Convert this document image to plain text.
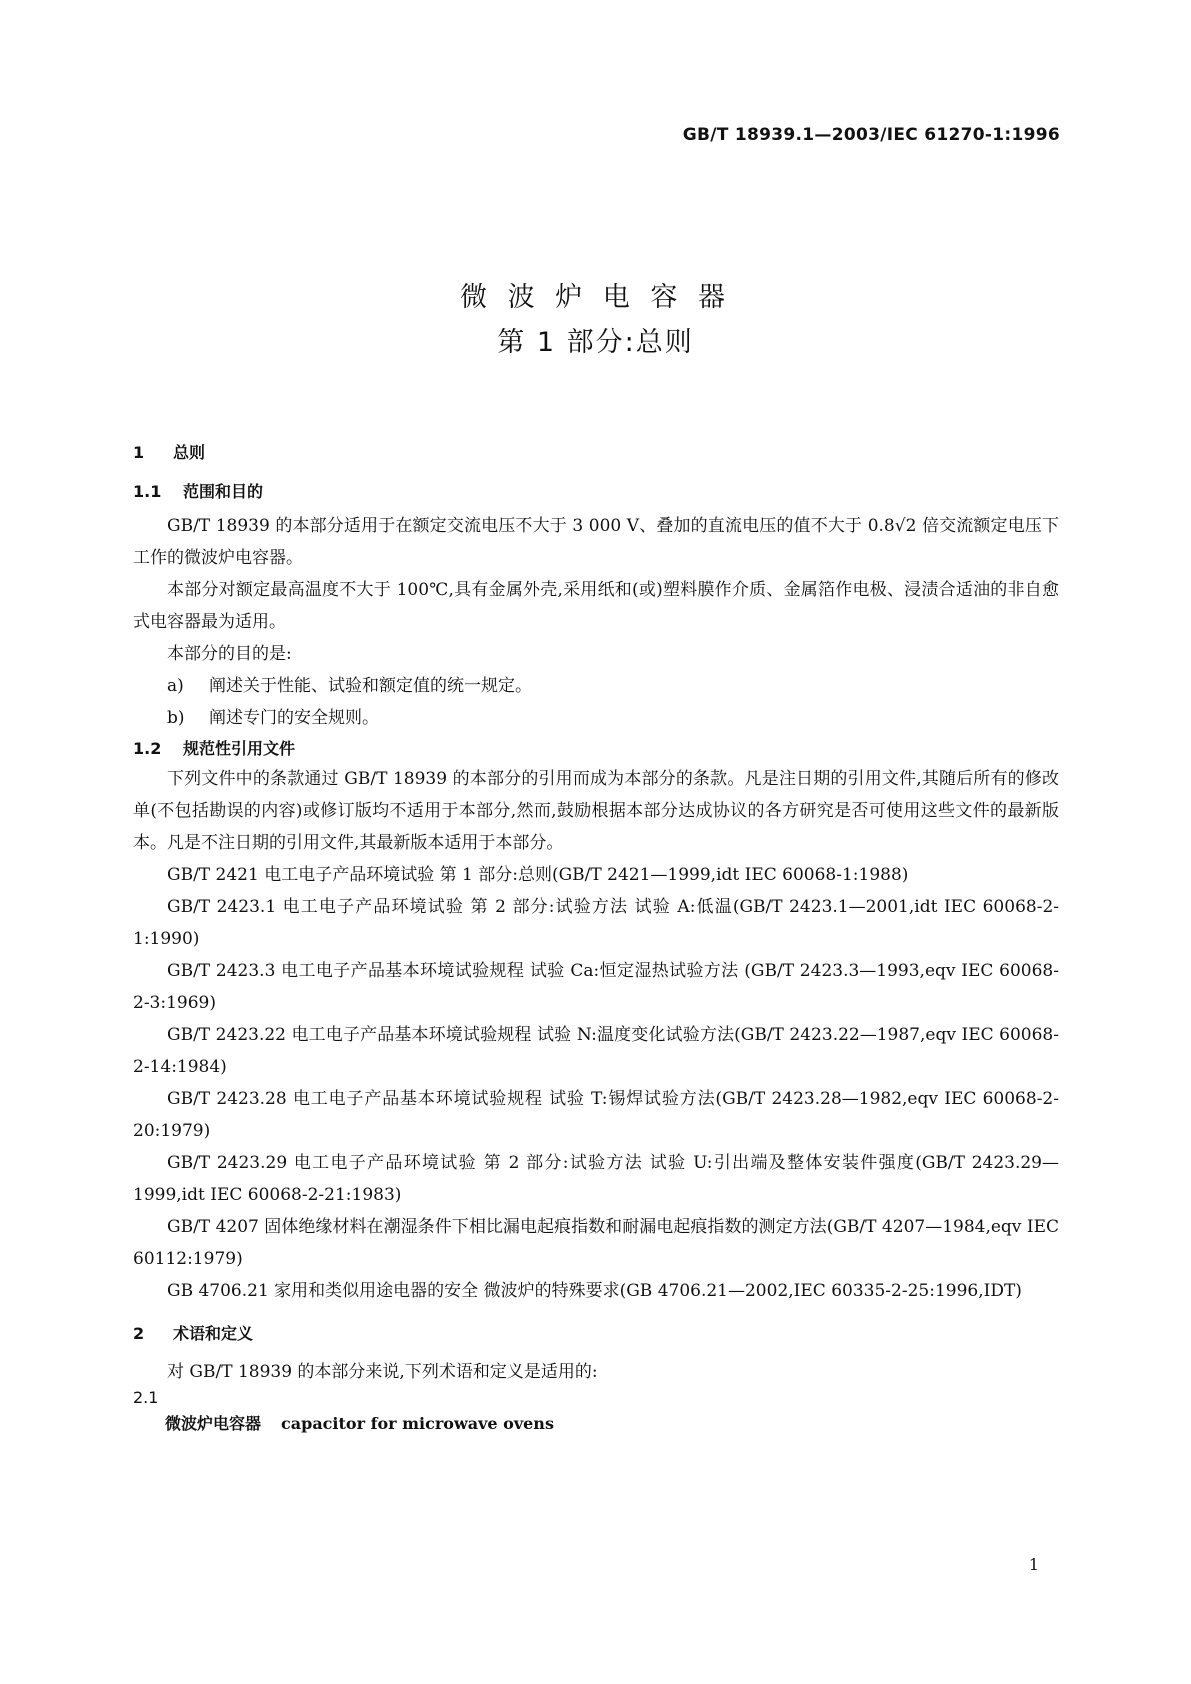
GB/T 18939.1—2003/IEC 61270-1:1996
微 波 炉 电 容 器
第 1 部分:总则
1 总则
1.1 范围和目的

GB/T 18939 的本部分适用于在额定交流电压不大于 3 000 V、叠加的直流电压的值不大于 0.8√2 倍交流额定电压下工作的微波炉电容器。

本部分对额定最高温度不大于 100℃,具有金属外壳,采用纸和(或)塑料膜作介质、金属箔作电极、浸渍合适油的非自愈式电容器最为适用。

本部分的目的是:

a) 阐述关于性能、试验和额定值的统一规定。

b) 阐述专门的安全规则。

1.2 规范性引用文件

下列文件中的条款通过 GB/T 18939 的本部分的引用而成为本部分的条款。凡是注日期的引用文件,其随后所有的修改单(不包括勘误的内容)或修订版均不适用于本部分,然而,鼓励根据本部分达成协议的各方研究是否可使用这些文件的最新版本。凡是不注日期的引用文件,其最新版本适用于本部分。

GB/T 2421 电工电子产品环境试验 第 1 部分:总则(GB/T 2421—1999,idt IEC 60068-1:1988)

GB/T 2423.1 电工电子产品环境试验 第 2 部分:试验方法 试验 A:低温(GB/T 2423.1—2001,idt IEC 60068-2-1:1990)

GB/T 2423.3 电工电子产品基本环境试验规程 试验 Ca:恒定湿热试验方法 (GB/T 2423.3—1993,eqv IEC 60068-2-3:1969)

GB/T 2423.22 电工电子产品基本环境试验规程 试验 N:温度变化试验方法(GB/T 2423.22—1987,eqv IEC 60068-2-14:1984)

GB/T 2423.28 电工电子产品基本环境试验规程 试验 T:锡焊试验方法(GB/T 2423.28—1982,eqv IEC 60068-2-20:1979)

GB/T 2423.29 电工电子产品环境试验 第 2 部分:试验方法 试验 U:引出端及整体安装件强度(GB/T 2423.29—1999,idt IEC 60068-2-21:1983)

GB/T 4207 固体绝缘材料在潮湿条件下相比漏电起痕指数和耐漏电起痕指数的测定方法(GB/T 4207—1984,eqv IEC 60112:1979)

GB 4706.21 家用和类似用途电器的安全 微波炉的特殊要求(GB 4706.21—2002,IEC 60335-2-25:1996,IDT)

2 术语和定义

对 GB/T 18939 的本部分来说,下列术语和定义是适用的:

2.1
微波炉电容器 capacitor for microwave ovens
1
